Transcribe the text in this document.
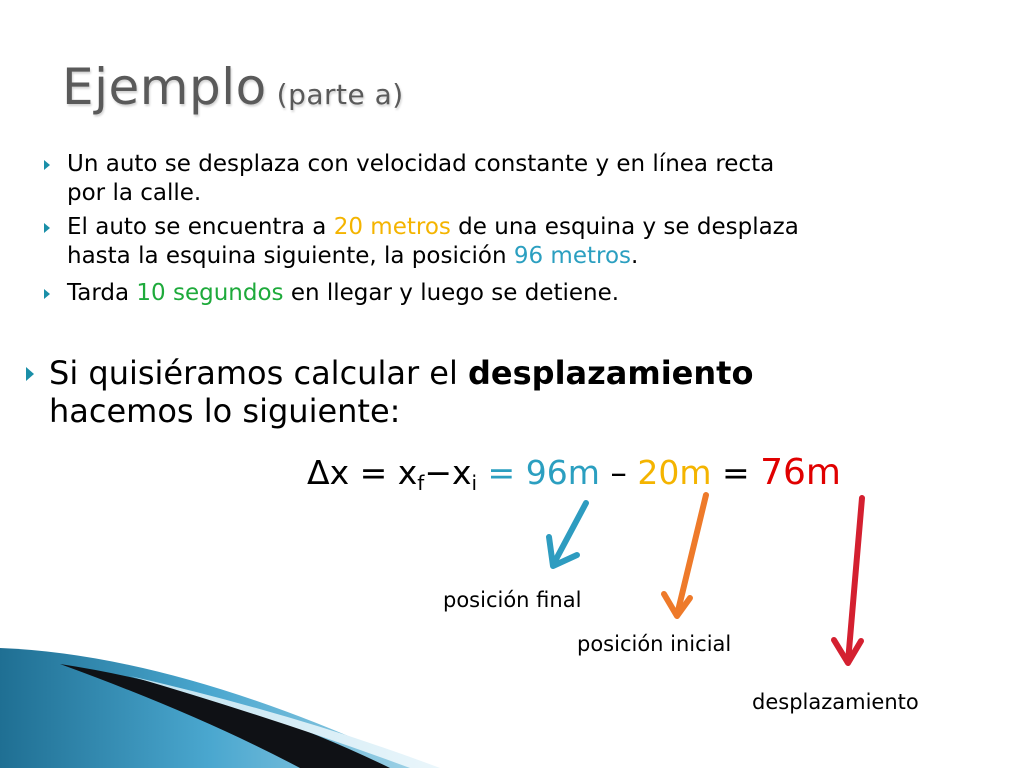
Ejemplo (parte a)
Un auto se desplaza con velocidad constante y en línea recta
por la calle.
El auto se encuentra a 20 metros de una esquina y se desplaza
hasta la esquina siguiente, la posición 96 metros.
Tarda 10 segundos en llegar y luego se detiene.
Si quisiéramos calcular el desplazamiento
hacemos lo siguiente:
$\Delta x = x_f-x_i = 96m - 20m = 76m$
posición final
posición inicial
desplazamiento
